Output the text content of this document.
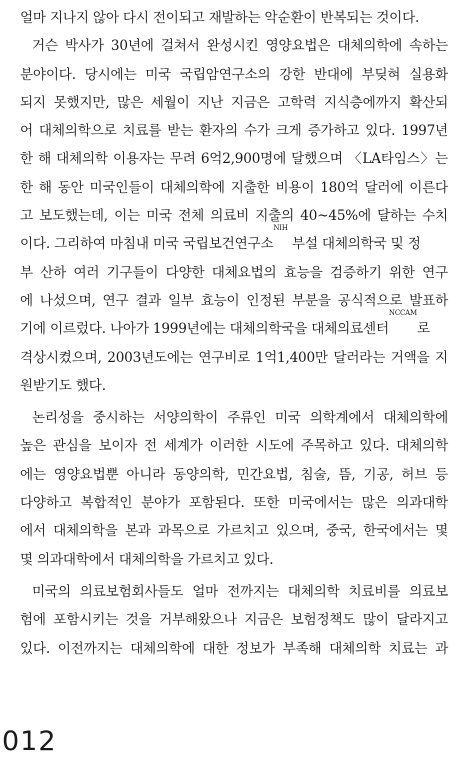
얼마 지나지 않아 다시 전이되고 재발하는 악순환이 반복되는 것이다.
거슨 박사가 30년에 걸쳐서 완성시킨 영양요법은 대체의학에 속하는
분야이다. 당시에는 미국 국립암연구소의 강한 반대에 부딪혀 실용화
되지 못했지만, 많은 세월이 지난 지금은 고학력 지식층에까지 확산되
어 대체의학으로 치료를 받는 환자의 수가 크게 증가하고 있다. 1997년
한 해 대체의학 이용자는 무려 6억2,900명에 달했으며 〈LA타임스〉는
한 해 동안 미국인들이 대체의학에 지출한 비용이 180억 달러에 이른다
고 보도했는데, 이는 미국 전체 의료비 지출의 40~45%에 달하는 수치
이다. 그리하여 마침내 미국 국립보건연구소$^{NIH}$ 부설 대체의학국 및 정
부 산하 여러 기구들이 다양한 대체요법의 효능을 검증하기 위한 연구
에 나섰으며, 연구 결과 일부 효능이 인정된 부분을 공식적으로 발표하
기에 이르렀다. 나아가 1999년에는 대체의학국을 대체의료센터$^{NCCAM}$로
격상시켰으며, 2003년도에는 연구비로 1억1,400만 달러라는 거액을 지
원받기도 했다.
논리성을 중시하는 서양의학이 주류인 미국 의학계에서 대체의학에
높은 관심을 보이자 전 세계가 이러한 시도에 주목하고 있다. 대체의학
에는 영양요법뿐 아니라 동양의학, 민간요법, 침술, 뜸, 기공, 허브 등
다양하고 복합적인 분야가 포함된다. 또한 미국에서는 많은 의과대학
에서 대체의학을 본과 과목으로 가르치고 있으며, 중국, 한국에서는 몇
몇 의과대학에서 대체의학을 가르치고 있다.
미국의 의료보험회사들도 얼마 전까지는 대체의학 치료비를 의료보
험에 포함시키는 것을 거부해왔으나 지금은 보험정책도 많이 달라지고
있다. 이전까지는 대체의학에 대한 정보가 부족해 대체의학 치료는 과
012
